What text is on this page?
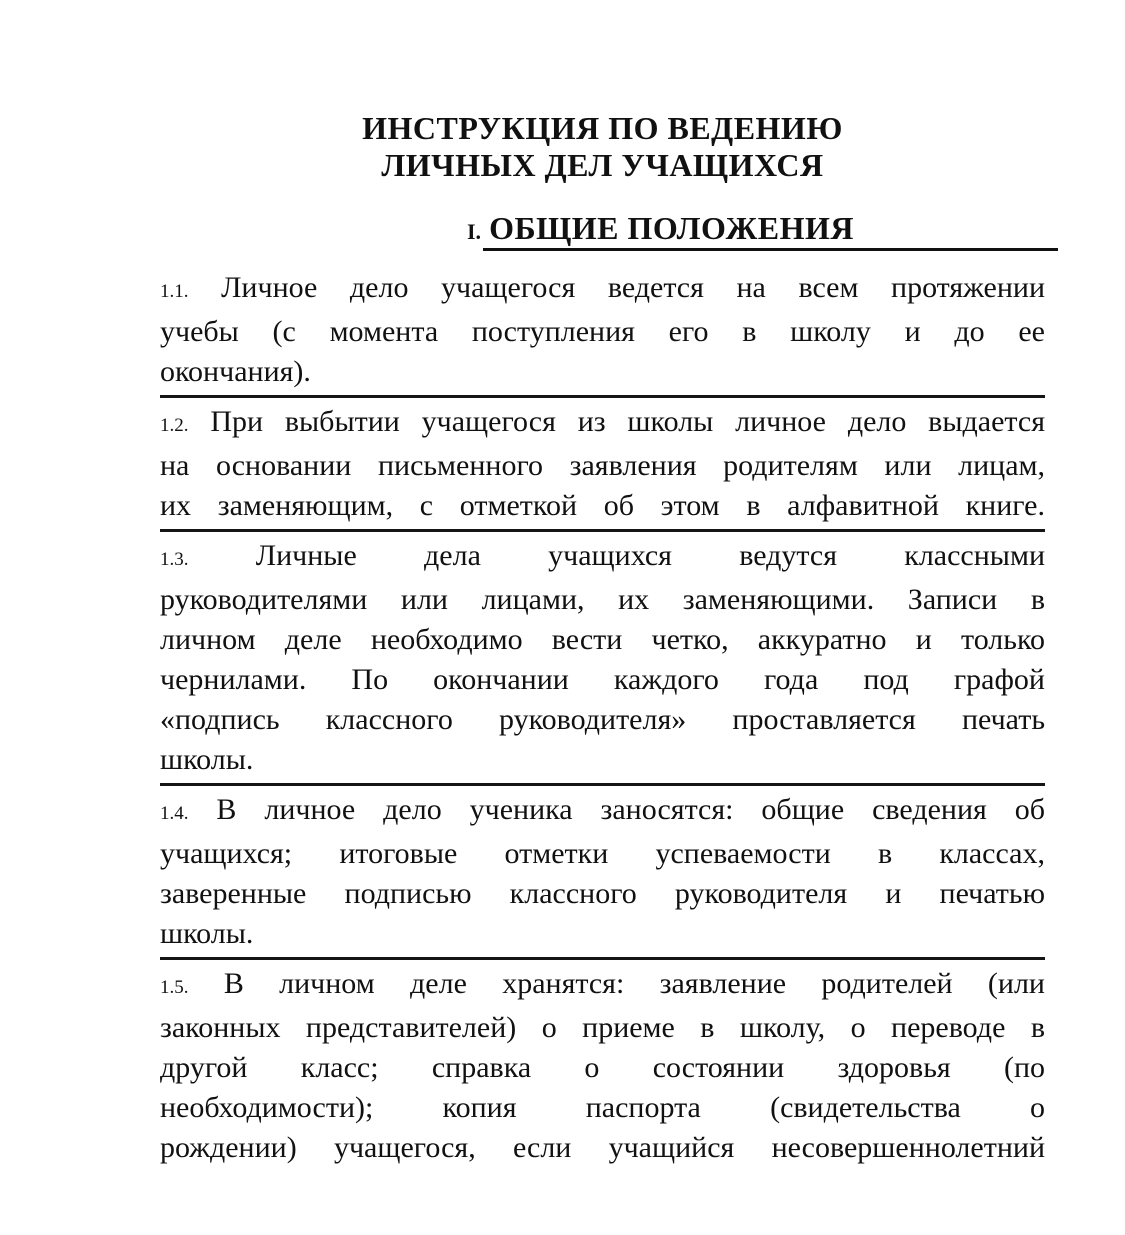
ИНСТРУКЦИЯ ПО ВЕДЕНИЮ
ЛИЧНЫХ ДЕЛ УЧАЩИХСЯ
I. ОБЩИЕ ПОЛОЖЕНИЯ
1.1. Личное дело учащегося ведется на всем протяжении
учебы (с момента поступления его в школу и до ее
окончания).
1.2. При выбытии учащегося из школы личное дело выдается
на основании письменного заявления родителям или лицам,
их заменяющим, с отметкой об этом в алфавитной книге.
1.3. Личные дела учащихся ведутся классными
руководителями или лицами, их заменяющими. Записи в
личном деле необходимо вести четко, аккуратно и только
чернилами. По окончании каждого года под графой
«подпись классного руководителя» проставляется печать
школы.
1.4. В личное дело ученика заносятся: общие сведения об
учащихся; итоговые отметки успеваемости в классах,
заверенные подписью классного руководителя и печатью
школы.
1.5. В личном деле хранятся: заявление родителей (или
законных представителей) о приеме в школу, о переводе в
другой класс; справка о состоянии здоровья (по
необходимости); копия паспорта (свидетельства о
рождении) учащегося, если учащийся несовершеннолетний
